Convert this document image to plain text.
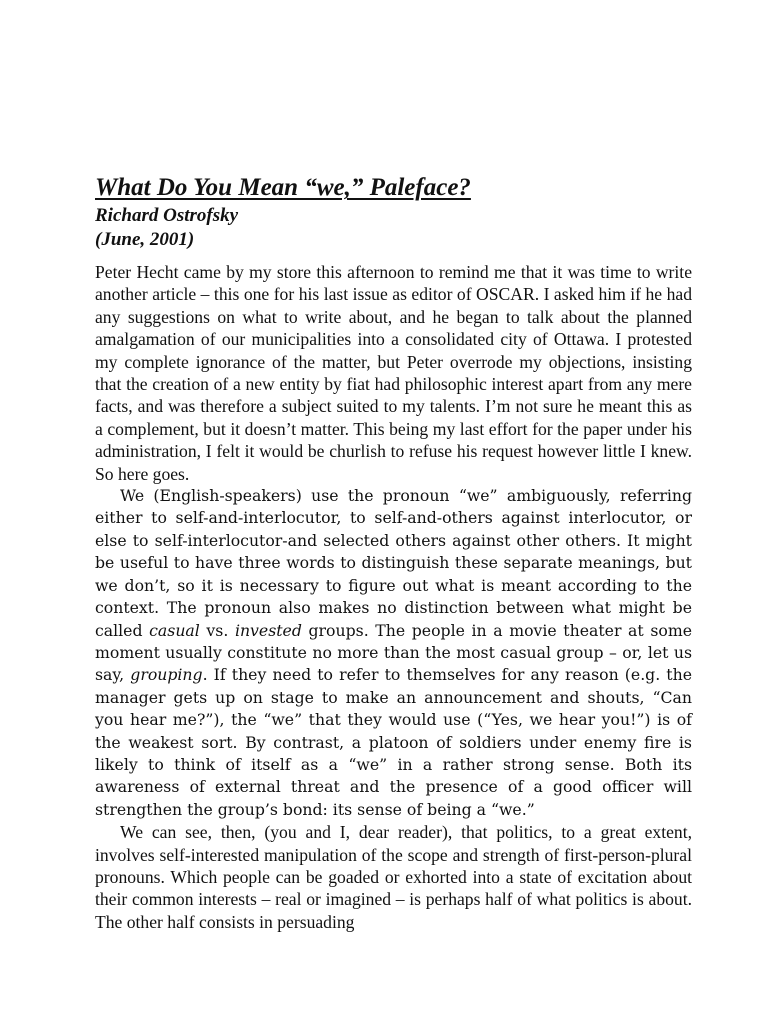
What Do You Mean “we,” Paleface?
Richard Ostrofsky
(June, 2001)

Peter Hecht came by my store this afternoon to remind me that it was time to write another article – this one for his last issue as editor of OSCAR. I asked him if he had any suggestions on what to write about, and he began to talk about the planned amalgamation of our municipalities into a consolidated city of Ottawa. I protested my complete ignorance of the matter, but Peter overrode my objections, insisting that the creation of a new entity by fiat had philosophic interest apart from any mere facts, and was therefore a subject suited to my talents. I’m not sure he meant this as a complement, but it doesn’t matter. This being my last effort for the paper under his administration, I felt it would be churlish to refuse his request however little I knew. So here goes.

We (English-speakers) use the pronoun “we” ambiguously, referring either to self-and-interlocutor, to self-and-others against interlocutor, or else to self-interlocutor-and selected others against other others. It might be useful to have three words to distinguish these separate meanings, but we don’t, so it is necessary to figure out what is meant according to the context. The pronoun also makes no distinction between what might be called casual vs. invested groups. The people in a movie theater at some moment usually constitute no more than the most casual group – or, let us say, grouping. If they need to refer to themselves for any reason (e.g. the manager gets up on stage to make an announcement and shouts, “Can you hear me?”), the “we” that they would use (“Yes, we hear you!”) is of the weakest sort. By contrast, a platoon of soldiers under enemy fire is likely to think of itself as a “we” in a rather strong sense. Both its awareness of external threat and the presence of a good officer will strengthen the group’s bond: its sense of being a “we.”

We can see, then, (you and I, dear reader), that politics, to a great extent, involves self-interested manipulation of the scope and strength of first-person-plural pronouns. Which people can be goaded or exhorted into a state of excitation about their common interests – real or imagined – is perhaps half of what politics is about. The other half consists in persuading
